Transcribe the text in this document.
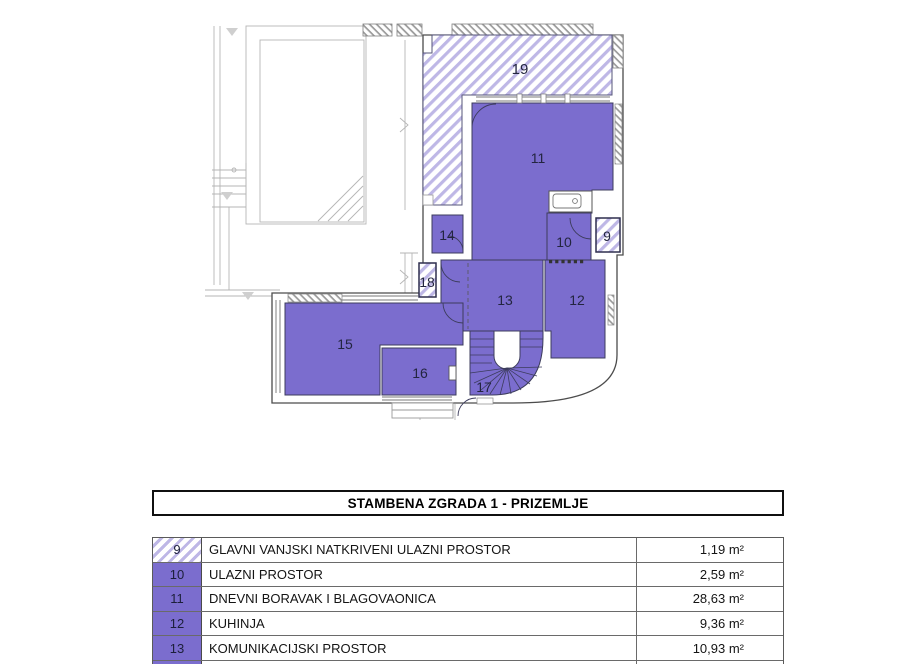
19
11
14	10 9
18
13	12
15
16
17
STAMBENA ZGRADA 1 - PRIZEMLJE
9	GLAVNI VANJSKI NATKRIVENI ULAZNI PROSTOR	1,19 m²
10	ULAZNI PROSTOR	2,59 m²
11	DNEVNI BORAVAK I BLAGOVAONICA	28,63 m²
12	KUHINJA	9,36 m²
13	KOMUNIKACIJSKI PROSTOR	10,93 m²
